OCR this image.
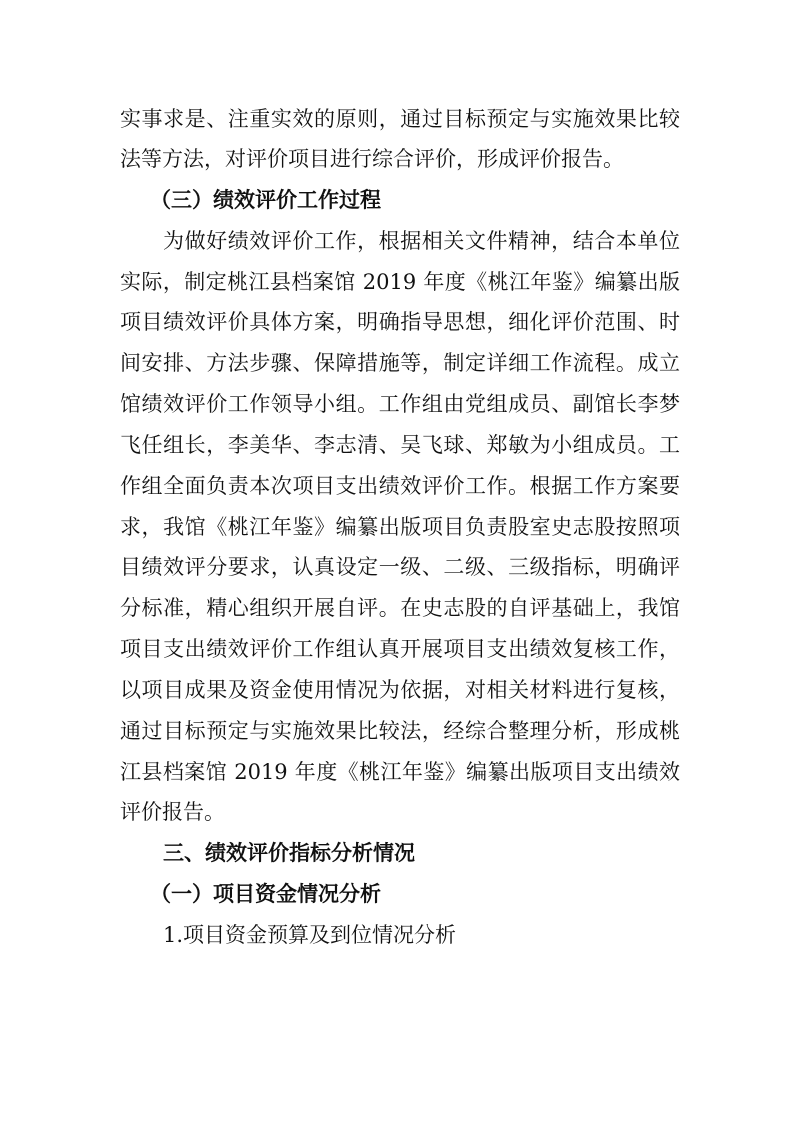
实事求是、注重实效的原则，通过目标预定与实施效果比较
法等方法，对评价项目进行综合评价，形成评价报告。
（三）绩效评价工作过程
为做好绩效评价工作，根据相关文件精神，结合本单位
实际，制定桃江县档案馆 2019 年度《桃江年鉴》编纂出版
项目绩效评价具体方案，明确指导思想，细化评价范围、时
间安排、方法步骤、保障措施等，制定详细工作流程。成立
馆绩效评价工作领导小组。工作组由党组成员、副馆长李梦
飞任组长，李美华、李志清、吴飞球、郑敏为小组成员。工
作组全面负责本次项目支出绩效评价工作。根据工作方案要
求，我馆《桃江年鉴》编纂出版项目负责股室史志股按照项
目绩效评分要求，认真设定一级、二级、三级指标，明确评
分标准，精心组织开展自评。在史志股的自评基础上，我馆
项目支出绩效评价工作组认真开展项目支出绩效复核工作，
以项目成果及资金使用情况为依据，对相关材料进行复核，
通过目标预定与实施效果比较法，经综合整理分析，形成桃
江县档案馆 2019 年度《桃江年鉴》编纂出版项目支出绩效
评价报告。
三、绩效评价指标分析情况
（一）项目资金情况分析
1.项目资金预算及到位情况分析
